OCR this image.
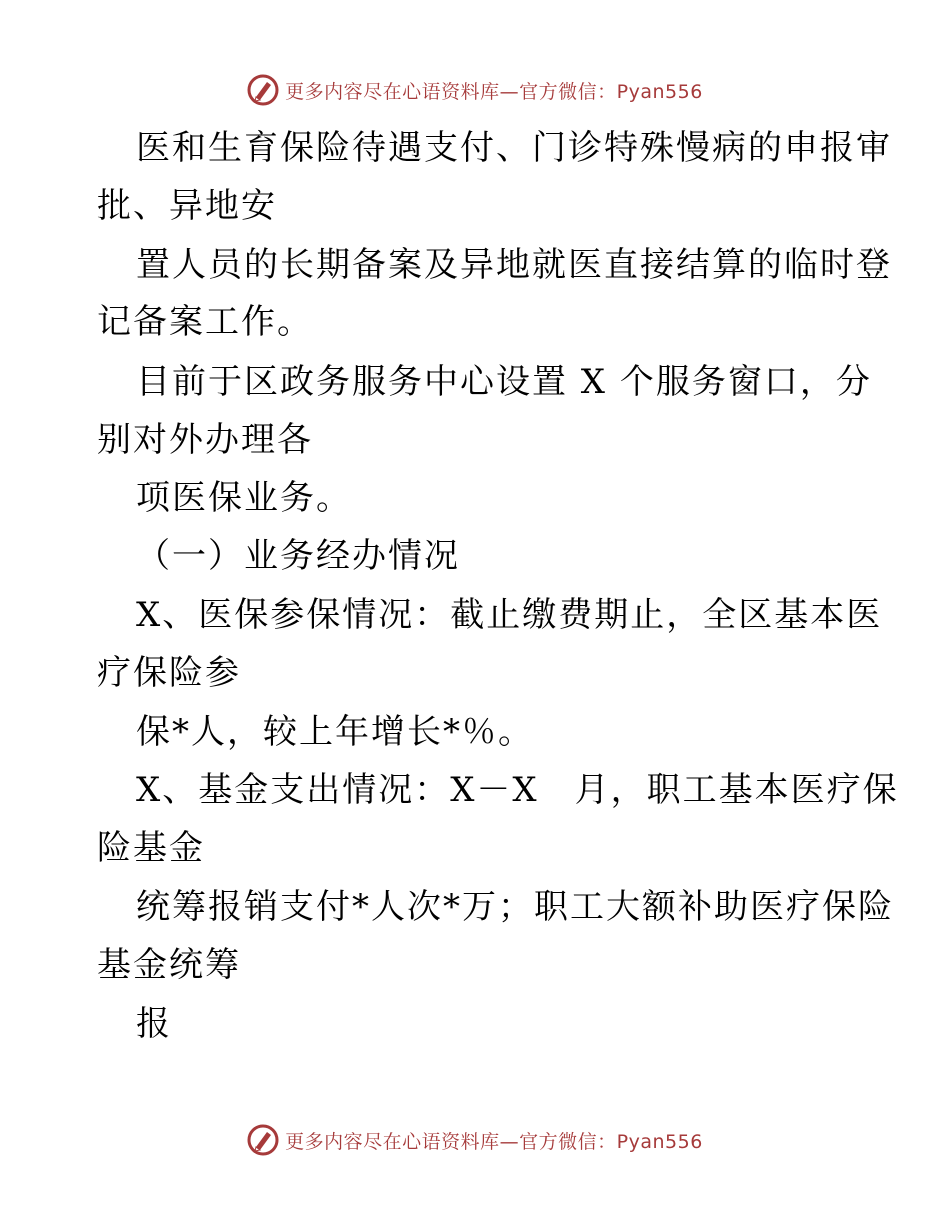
更多内容尽在心语资料库—官方微信：Pyan556
医和生育保险待遇支付、门诊特殊慢病的申报审
批、异地安
置人员的长期备案及异地就医直接结算的临时登
记备案工作。
目前于区政务服务中心设置 X 个服务窗口，分
别对外办理各
项医保业务。
（一）业务经办情况
X、医保参保情况：截止缴费期止，全区基本医
疗保险参
保*人，较上年增长*％。
X、基金支出情况：X－X　月，职工基本医疗保
险基金
统筹报销支付*人次*万；职工大额补助医疗保险
基金统筹
报
更多内容尽在心语资料库—官方微信：Pyan556
